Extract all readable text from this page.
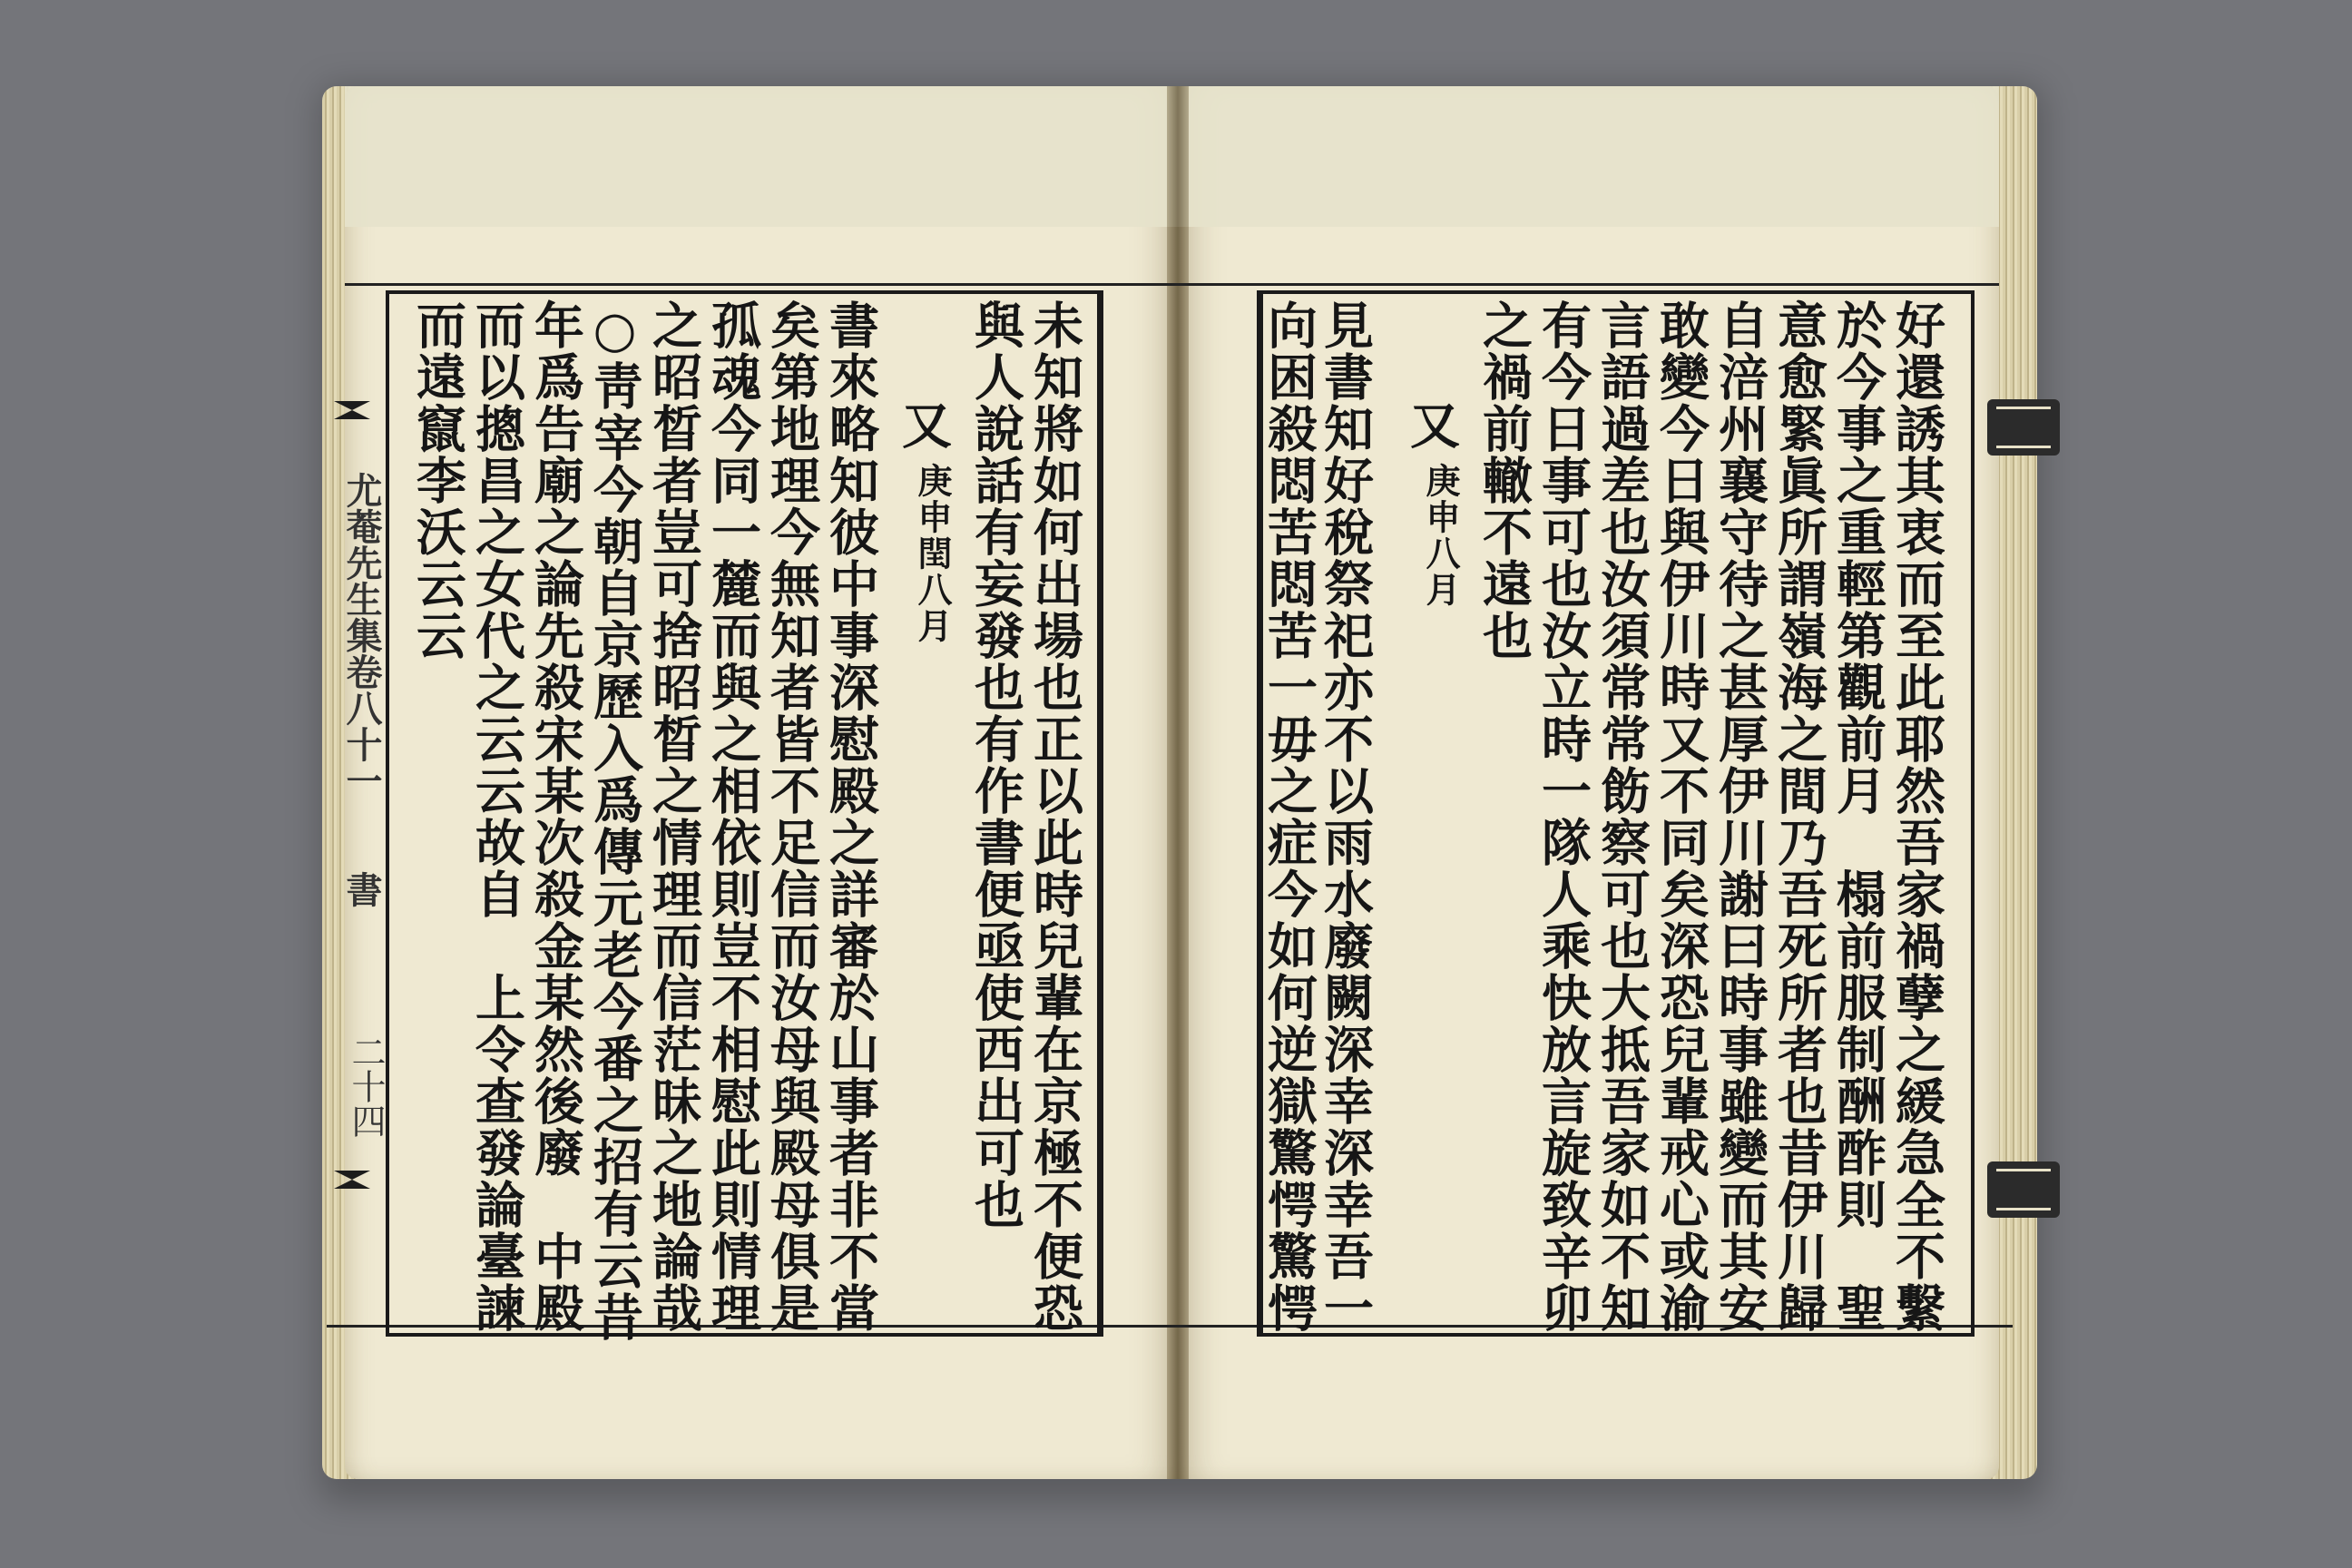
尤菴先生集卷八十一
書
二十四	好還誘其衷而至此耶然吾家禍孽之緩急全不繫
於今事之重輕第觀前月　榻前服制酬酢則　聖
意愈緊眞所謂嶺海之間乃吾死所者也昔伊川歸
自涪州襄守待之甚厚伊川謝曰時事雖變而其安
敢變今日與伊川時又不同矣深恐兒輩戒心或渝
言語過差也汝須常常飭察可也大抵吾家如不知
有今日事可也汝立時一隊人乘快放言旋致辛卯
之禍前轍不遠也
又
庚申八月
見書知好稅祭祀亦不以雨水廢闕深幸深幸吾一
向困殺悶苦悶苦一毋之症今如何逆獄驚愕驚愕
未知將如何出場也正以此時兒輩在京極不便恐
與人說話有妄發也有作書便亟使西出可也
又
庚申閏八月
書來略知彼中事深慰殿之詳審於山事者非不當
矣第地理今無知者皆不足信而汝母與殿母俱是
孤魂今同一麓而與之相依則豈不相慰此則情理
之昭晳者豈可捨昭晳之情理而信茫昧之地論哉
○靑宰今朝自京歷入爲傳元老今番之招有云昔
年爲告廟之論先殺宋某次殺金某然後廢　中殿
而以摠昌之女代之云云故自　上令查發論臺諫
而遠竄李沃云云
